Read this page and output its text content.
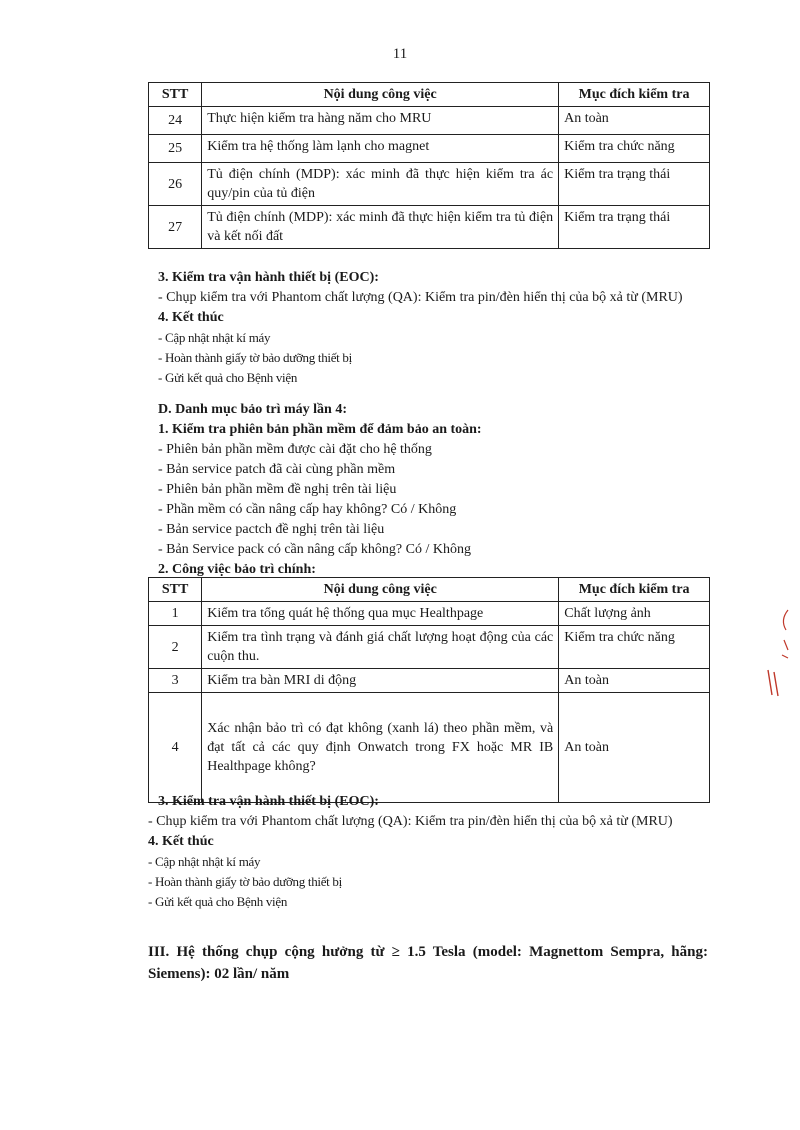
11
STT	Nội dung công việc	Mục đích kiểm tra
24	Thực hiện kiểm tra hàng năm cho MRU	An toàn
25	Kiểm tra hệ thống làm lạnh cho magnet	Kiểm tra chức năng
26	Tủ điện chính (MDP): xác minh đã thực hiện kiểm tra ác quy/pin của tủ điện	Kiểm tra trạng thái
27	Tủ điện chính (MDP): xác minh đã thực hiện kiểm tra tủ điện và kết nối đất	Kiểm tra trạng thái
3. Kiểm tra vận hành thiết bị (EOC):
- Chụp kiểm tra với Phantom chất lượng (QA): Kiểm tra pin/đèn hiển thị của bộ xả từ (MRU)
4. Kết thúc
- Cập nhật nhật kí máy
- Hoàn thành giấy tờ bảo dưỡng thiết bị
- Gửi kết quả cho Bệnh viện
D. Danh mục bảo trì máy lần 4:
1. Kiểm tra phiên bản phần mềm để đảm bảo an toàn:
- Phiên bản phần mềm được cài đặt cho hệ thống
- Bản service patch đã cài cùng phần mềm
- Phiên bản phần mềm đề nghị trên tài liệu
- Phần mềm có cần nâng cấp hay không? Có / Không
- Bản service pactch đề nghị trên tài liệu
- Bản Service pack có cần nâng cấp không? Có / Không
2. Công việc bảo trì chính:
STT	Nội dung công việc	Mục đích kiểm tra
1	Kiểm tra tổng quát hệ thống qua mục Healthpage	Chất lượng ảnh
2	Kiểm tra tình trạng và đánh giá chất lượng hoạt động của các cuộn thu.	Kiểm tra chức năng
3	Kiểm tra bàn MRI di động	An toàn
4	Xác nhận bảo trì có đạt không (xanh lá) theo phần mềm, và đạt tất cả các quy định Onwatch trong FX hoặc MR IB Healthpage không?	An toàn
3. Kiểm tra vận hành thiết bị (EOC):
- Chụp kiểm tra với Phantom chất lượng (QA): Kiểm tra pin/đèn hiển thị của bộ xả từ (MRU)
4. Kết thúc
- Cập nhật nhật kí máy
- Hoàn thành giấy tờ bảo dưỡng thiết bị
- Gửi kết quả cho Bệnh viện
III. Hệ thống chụp cộng hưởng từ ≥ 1.5 Tesla (model: Magnettom Sempra, hãng: Siemens): 02 lần/ năm
